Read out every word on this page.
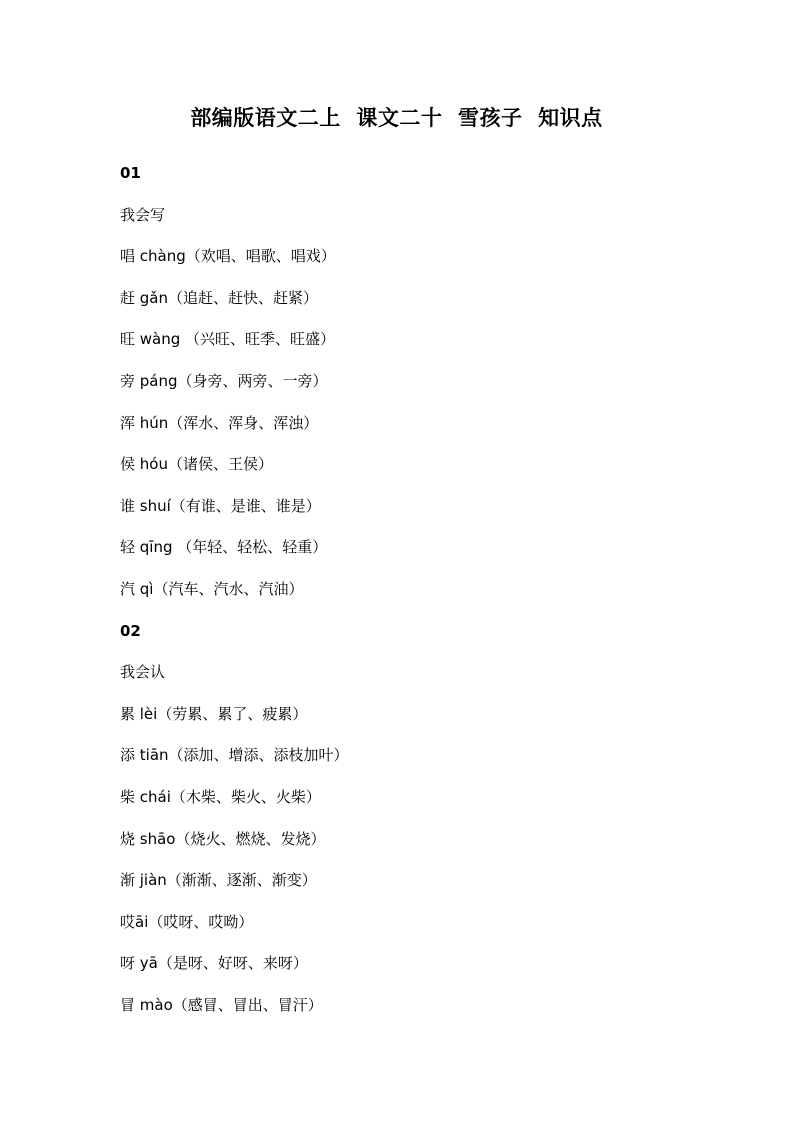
部编版语文二上  课文二十  雪孩子  知识点
01
我会写
唱 chàng（欢唱、唱歌、唱戏）
赶 gǎn（追赶、赶快、赶紧）
旺 wàng （兴旺、旺季、旺盛）
旁 páng（身旁、两旁、一旁）
浑 hún（浑水、浑身、浑浊）
侯 hóu（诸侯、王侯）
谁 shuí（有谁、是谁、谁是）
轻 qīng （年轻、轻松、轻重）
汽 qì（汽车、汽水、汽油）
02
我会认
累 lèi（劳累、累了、疲累）
添 tiān（添加、增添、添枝加叶）
柴 chái（木柴、柴火、火柴）
烧 shāo（烧火、燃烧、发烧）
渐 jiàn（渐渐、逐渐、渐变）
哎āi（哎呀、哎呦）
呀 yā（是呀、好呀、来呀）
冒 mào（感冒、冒出、冒汗）
